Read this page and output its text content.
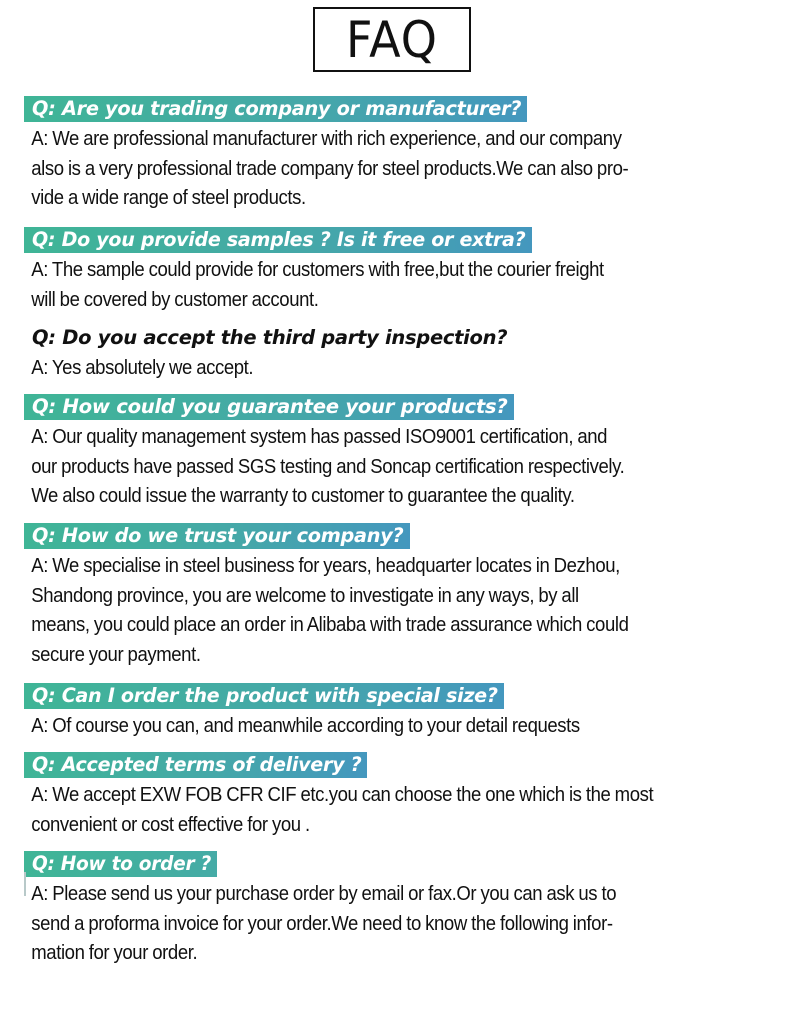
FAQ
Q: Are you trading company or manufacturer?
A: We are professional manufacturer with rich experience, and our company
also is a very professional trade company for steel products.We can also pro-
vide a wide range of steel products.
Q: Do you provide samples ? Is it free or extra?
A: The sample could provide for customers with free,but the courier freight
will be covered by customer account.
Q: Do you accept the third party inspection?
A: Yes absolutely we accept.
Q: How could you guarantee your products?
A: Our quality management system has passed ISO9001 certification, and
our products have passed SGS testing and Soncap certification respectively.
We also could issue the warranty to customer to guarantee the quality.
Q: How do we trust your company?
A: We specialise in steel business for years, headquarter locates in Dezhou,
Shandong province, you are welcome to investigate in any ways, by all
means, you could place an order in Alibaba with trade assurance which could
secure your payment.
Q: Can I order the product with special size?
A: Of course you can, and meanwhile according to your detail requests
Q: Accepted terms of delivery ?
A: We accept EXW FOB CFR CIF etc.you can choose the one which is the most
convenient or cost effective for you .
Q: How to order ?
A: Please send us your purchase order by email or fax.Or you can ask us to
send a proforma invoice for your order.We need to know the following infor-
mation for your order.
